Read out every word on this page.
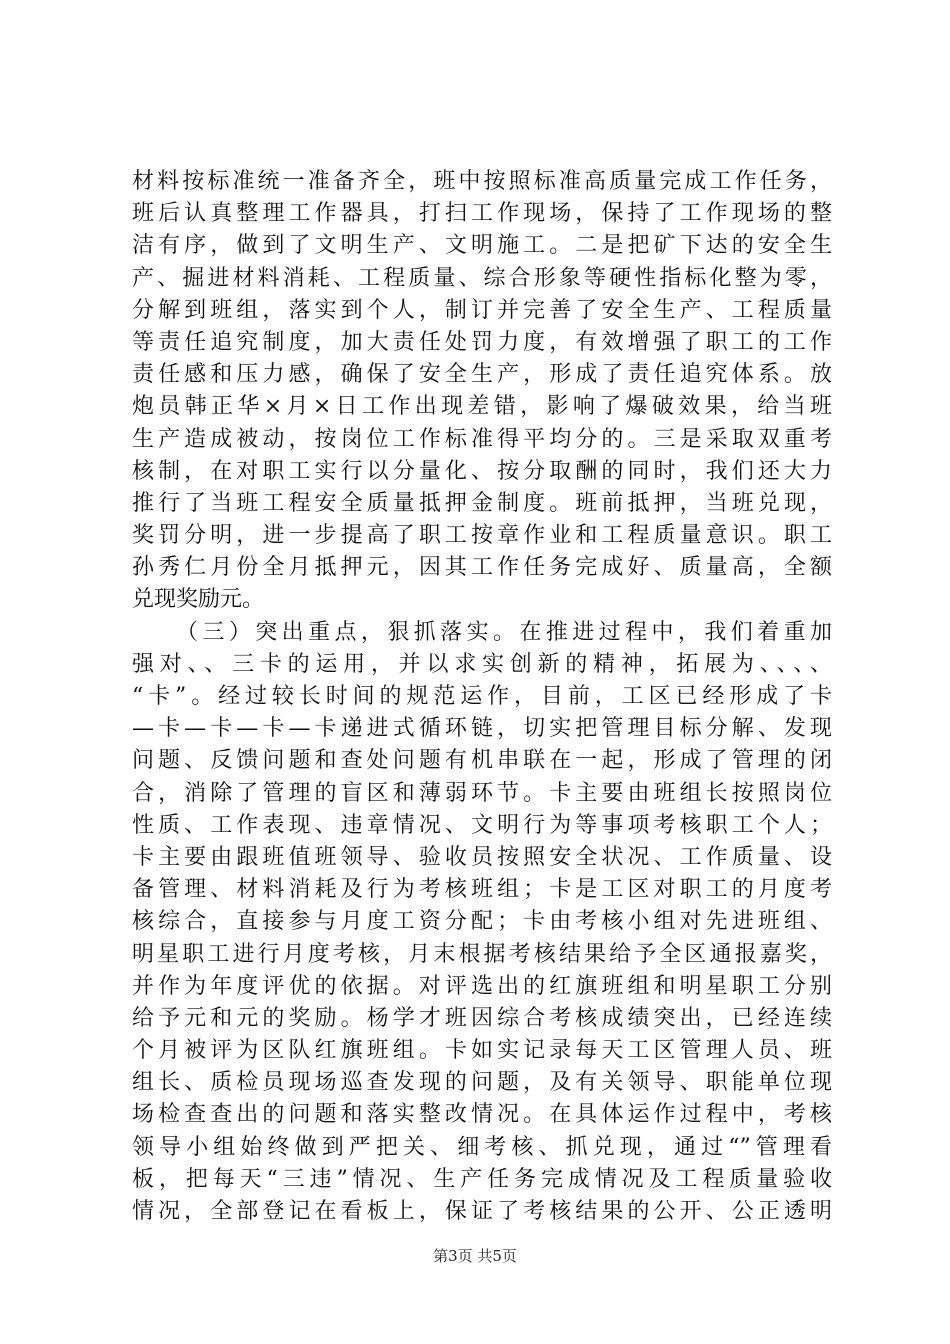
材料按标准统一准备齐全，班中按照标准高质量完成工作任务，
班后认真整理工作器具，打扫工作现场，保持了工作现场的整
洁有序，做到了文明生产、文明施工。二是把矿下达的安全生
产、掘进材料消耗、工程质量、综合形象等硬性指标化整为零，
分解到班组，落实到个人，制订并完善了安全生产、工程质量
等责任追究制度，加大责任处罚力度，有效增强了职工的工作
责任感和压力感，确保了安全生产，形成了责任追究体系。放
炮员韩正华×月×日工作出现差错，影响了爆破效果，给当班
生产造成被动，按岗位工作标准得平均分的。三是采取双重考
核制，在对职工实行以分量化、按分取酬的同时，我们还大力
推行了当班工程安全质量抵押金制度。班前抵押，当班兑现，
奖罚分明，进一步提高了职工按章作业和工程质量意识。职工
孙秀仁月份全月抵押元，因其工作任务完成好、质量高，全额
兑现奖励元。
（三）突出重点，狠抓落实。在推进过程中，我们着重加
强对、、三卡的运用，并以求实创新的精神，拓展为、、、、
“卡”。经过较长时间的规范运作，目前，工区已经形成了卡
—卡—卡—卡—卡递进式循环链，切实把管理目标分解、发现
问题、反馈问题和查处问题有机串联在一起，形成了管理的闭
合，消除了管理的盲区和薄弱环节。卡主要由班组长按照岗位
性质、工作表现、违章情况、文明行为等事项考核职工个人；
卡主要由跟班值班领导、验收员按照安全状况、工作质量、设
备管理、材料消耗及行为考核班组；卡是工区对职工的月度考
核综合，直接参与月度工资分配；卡由考核小组对先进班组、
明星职工进行月度考核，月末根据考核结果给予全区通报嘉奖，
并作为年度评优的依据。对评选出的红旗班组和明星职工分别
给予元和元的奖励。杨学才班因综合考核成绩突出，已经连续
个月被评为区队红旗班组。卡如实记录每天工区管理人员、班
组长、质检员现场巡查发现的问题，及有关领导、职能单位现
场检查查出的问题和落实整改情况。在具体运作过程中，考核
领导小组始终做到严把关、细考核、抓兑现，通过“”管理看
板，把每天“三违”情况、生产任务完成情况及工程质量验收
情况，全部登记在看板上，保证了考核结果的公开、公正透明
第3页 共5页
